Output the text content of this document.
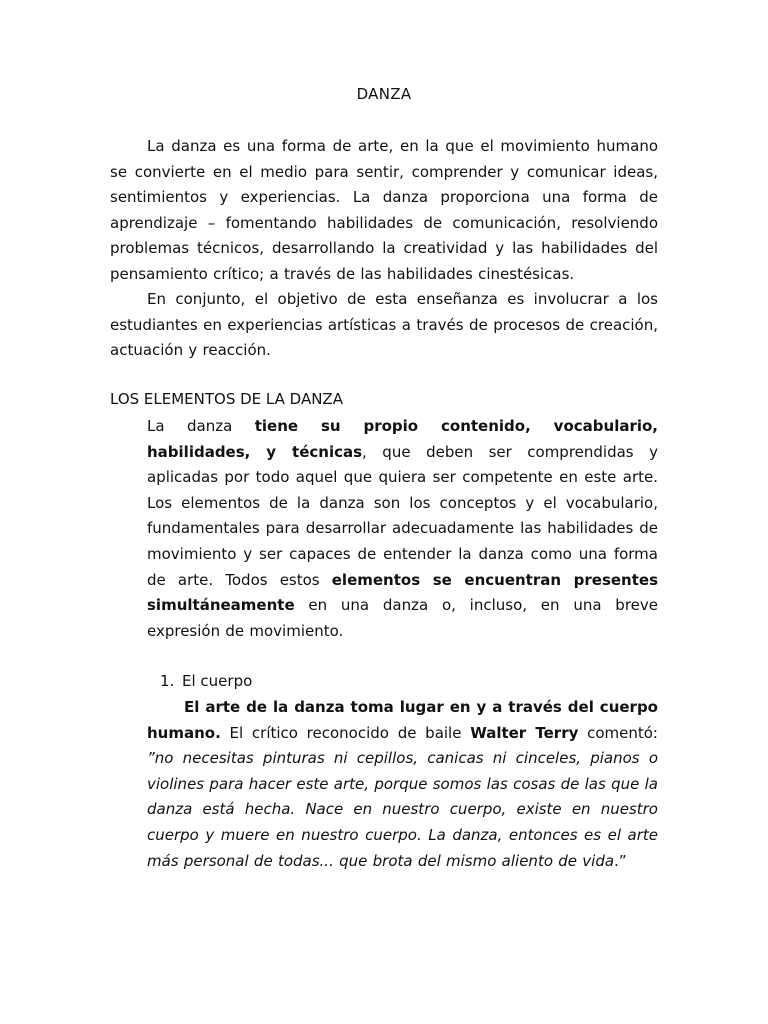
DANZA

La danza es una forma de arte, en la que el movimiento humano se convierte en el medio para sentir, comprender y comunicar ideas, sentimientos y experiencias. La danza proporciona una forma de aprendizaje – fomentando habilidades de comunicación, resolviendo problemas técnicos, desarrollando la creatividad y las habilidades del pensamiento crítico; a través de las habilidades cinestésicas.

En conjunto, el objetivo de esta enseñanza es involucrar a los estudiantes en experiencias artísticas a través de procesos de creación, actuación y reacción.

LOS ELEMENTOS DE LA DANZA

La danza tiene su propio contenido, vocabulario, habilidades, y técnicas, que deben ser comprendidas y aplicadas por todo aquel que quiera ser competente en este arte. Los elementos de la danza son los conceptos y el vocabulario, fundamentales para desarrollar adecuadamente las habilidades de movimiento y ser capaces de entender la danza como una forma de arte. Todos estos elementos se encuentran presentes simultáneamente en una danza o, incluso, en una breve expresión de movimiento.

1. El cuerpo

El arte de la danza toma lugar en y a través del cuerpo humano. El crítico reconocido de baile Walter Terry comentó: ”no necesitas pinturas ni cepillos, canicas ni cinceles, pianos o violines para hacer este arte, porque somos las cosas de las que la danza está hecha. Nace en nuestro cuerpo, existe en nuestro cuerpo y muere en nuestro cuerpo. La danza, entonces es el arte más personal de todas... que brota del mismo aliento de vida.”
